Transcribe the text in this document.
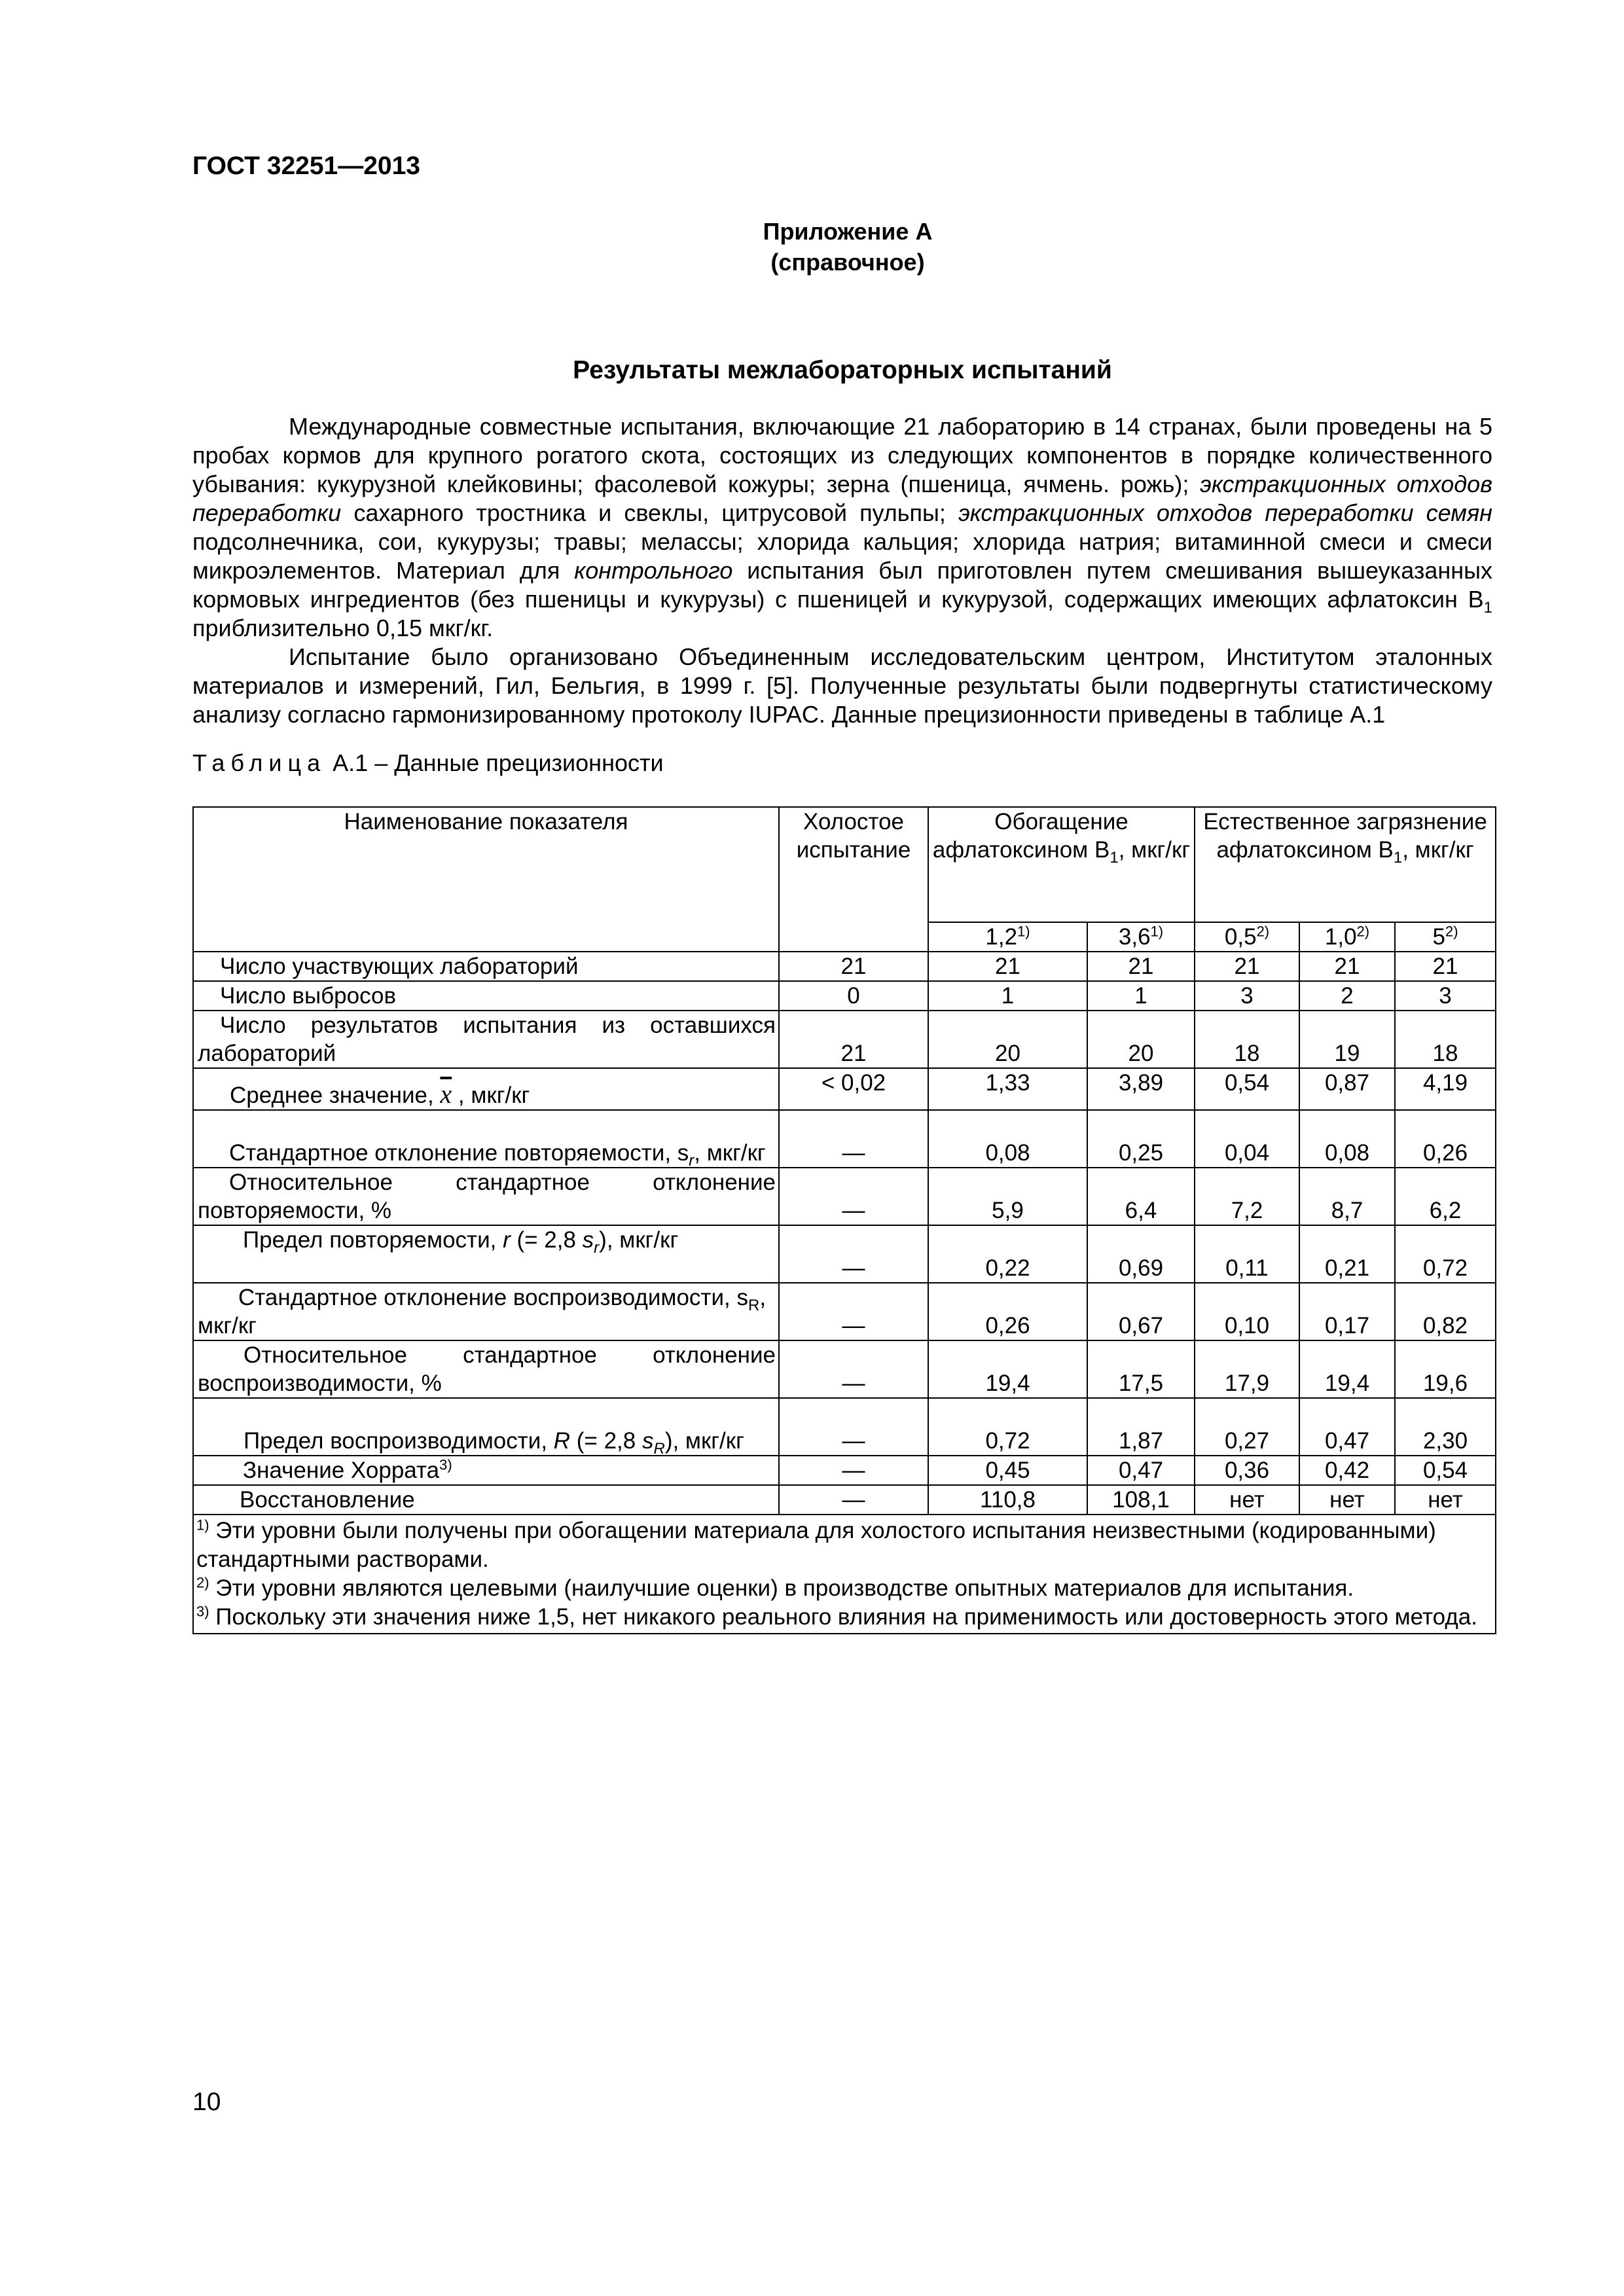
ГОСТ 32251—2013
Приложение А
(справочное)
Результаты межлабораторных испытаний

Международные совместные испытания, включающие 21 лабораторию в 14 странах, были проведены на 5 пробах кормов для крупного рогатого скота, состоящих из следующих компонентов в порядке количественного убывания: кукурузной клейковины; фасолевой кожуры; зерна (пшеница, ячмень. рожь); экстракционных отходов переработки сахарного тростника и свеклы, цитрусовой пульпы; экстракционных отходов переработки семян подсолнечника, сои, кукурузы; травы; мелассы; хлорида кальция; хлорида натрия; витаминной смеси и смеси микроэлементов. Материал для контрольного испытания был приготовлен путем смешивания вышеуказанных кормовых ингредиентов (без пшеницы и кукурузы) с пшеницей и кукурузой, содержащих имеющих афлатоксин $B_1$ приблизительно 0,15 мкг/кг.

Испытание было организовано Объединенным исследовательским центром, Институтом эталонных материалов и измерений, Гил, Бельгия, в 1999 г. [5]. Полученные результаты были подвергнуты статистическому анализу согласно гармонизированному протоколу IUPAC. Данные прецизионности приведены в таблице А.1

Таблица А.1 – Данные прецизионности
Наименование показателя	Холостое испытание	Обогащение афлатоксином $B_1$, мкг/кг		Естественное загрязнение афлатоксином $B_1$, мкг/кг		
		1,2$^{1)}$	3,6$^{1)}$	0,5$^{2)}$	1,0$^{2)}$	5$^{2)}$
Число участвующих лабораторий	21	21	21	21	21	21
Число выбросов	0	1	1	3	2	3
Число результатов испытания из оставшихся лабораторий	21	20	20	18	19	18
Среднее значение, $\overline{x}$ , мкг/кг	< 0,02	1,33	3,89	0,54	0,87	4,19
Стандартное отклонение повторяемости, $s_r$, мкг/кг	—	0,08	0,25	0,04	0,08	0,26
Относительное стандартное отклонение повторяемости, %	—	5,9	6,4	7,2	8,7	6,2
Предел повторяемости, r (= 2,8 $s_r$), мкг/кг	—	0,22	0,69	0,11	0,21	0,72
Стандартное отклонение воспроизводимости, $s_R$, мкг/кг	—	0,26	0,67	0,10	0,17	0,82
Относительное стандартное отклонение воспроизводимости, %	—	19,4	17,5	17,9	19,4	19,6
Предел воспроизводимости, R (= 2,8 $s_R$), мкг/кг	—	0,72	1,87	0,27	0,47	2,30
Значение Хоррата$^{3)}$	—	0,45	0,47	0,36	0,42	0,54
Восстановление	—	110,8	108,1	нет	нет	нет

$^{1)}$ Эти уровни были получены при обогащении материала для холостого испытания неизвестными (кодированными) стандартными растворами.
$^{2)}$ Эти уровни являются целевыми (наилучшие оценки) в производстве опытных материалов для испытания.
$^{3)}$ Поскольку эти значения ниже 1,5, нет никакого реального влияния на применимость или достоверность этого метода.						
10
